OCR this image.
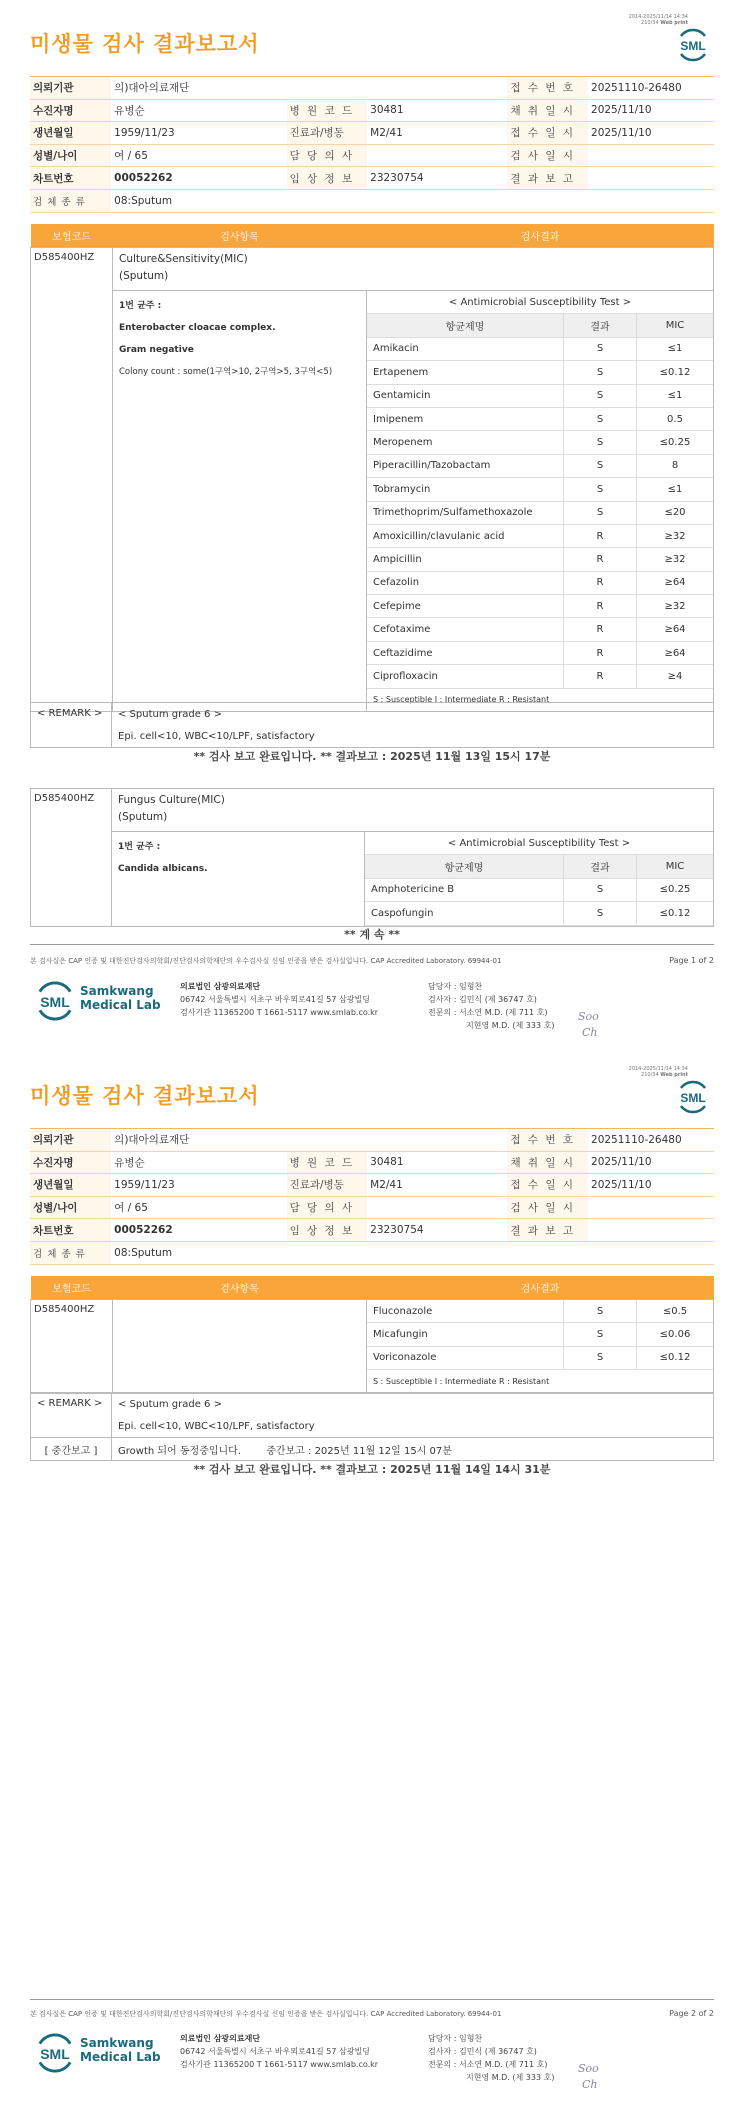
2014-2025/11/14 14:34
210/34 Web print
미생물 검사 결과보고서	SML
의뢰기관	의)대아의료재단			접 수 번 호	20251110-26480
수진자명	유병순	병 원 코 드	30481	채 취 일 시	2025/11/10
생년월일	1959/11/23	진료과/병동	M2/41	접 수 일 시	2025/11/10
성별/나이	여 / 65	담 당 의 사		검 사 일 시	
차트번호	00052262	임 상 정 보	23230754	결 과 보 고	
검 체 종 류	08:Sputum				
보험코드	검사항목	검사결과
D585400HZ	Culture&Sensitivity(MIC)
(Sputum)

1번 균주 :
Enterobacter cloacae complex.
Gram negative
Colony count : some(1구역>10, 2구역>5, 3구역<5)

< Antimicrobial Susceptibility Test >
항균제명	결과	MIC
Amikacin	S	≤1
Ertapenem	S	≤0.12
Gentamicin	S	≤1
Imipenem	S	0.5
Meropenem	S	≤0.25
Piperacillin/Tazobactam	S	8
Tobramycin	S	≤1
Trimethoprim/Sulfamethoxazole	S	≤20
Amoxicillin/clavulanic acid	R	≥32
Ampicillin	R	≥32
Cefazolin	R	≥64
Cefepime	R	≥32
Cefotaxime	R	≥64
Ceftazidime	R	≥64
Ciprofloxacin	R	≥4
S : Susceptible I : Intermediate R : Resistant
< REMARK >	< Sputum grade 6 >
Epi. cell<10, WBC<10/LPF, satisfactory
** 검사 보고 완료입니다. ** 결과보고 : 2025년 11월 13일 15시 17분
D585400HZ	Fungus Culture(MIC)
(Sputum)

1번 균주 :
Candida albicans.

< Antimicrobial Susceptibility Test >
항균제명	결과	MIC
Amphotericine B	S	≤0.25
Caspofungin	S	≤0.12
** 계 속 **
본 검사실은 CAP 인증 및 대한진단검사의학회/진단검사의학재단의 우수검사실 신임 인증을 받은 검사실입니다. CAP Accredited Laboratory. 69944-01	Page 1 of 2
SML
Samkwang
Medical Lab
의료법인 삼광의료재단
06742 서울특별시 서초구 바우뫼로41길 57 삼광빌딩
검사기관 11365200 T 1661-5117 www.smlab.co.kr
담당자 : 임형찬
검사자 : 김민식 (제 36747 호)
전문의 : 서소연 M.D. (제 711 호)
지현영 M.D. (제 333 호)
Soo
Ch
2014-2025/11/14 14:34
210/34 Web print
미생물 검사 결과보고서	SML
의뢰기관	의)대아의료재단			접 수 번 호	20251110-26480
수진자명	유병순	병 원 코 드	30481	채 취 일 시	2025/11/10
생년월일	1959/11/23	진료과/병동	M2/41	접 수 일 시	2025/11/10
성별/나이	여 / 65	담 당 의 사		검 사 일 시	
차트번호	00052262	임 상 정 보	23230754	결 과 보 고	
검 체 종 류	08:Sputum				
보험코드	검사항목	검사결과
D585400HZ			Fluconazole	S	≤0.5
Micafungin	S	≤0.06
Voriconazole	S	≤0.12
S : Susceptible I : Intermediate R : Resistant
< REMARK >	< Sputum grade 6 >
	Epi. cell<10, WBC<10/LPF, satisfactory
[ 중간보고 ]	Growth 되어 동정중입니다. 중간보고 : 2025년 11월 12일 15시 07분
** 검사 보고 완료입니다. ** 결과보고 : 2025년 11월 14일 14시 31분
본 검사실은 CAP 인증 및 대한진단검사의학회/진단검사의학재단의 우수검사실 신임 인증을 받은 검사실입니다. CAP Accredited Laboratory. 69944-01	Page 2 of 2
SML
Samkwang
Medical Lab
의료법인 삼광의료재단
06742 서울특별시 서초구 바우뫼로41길 57 삼광빌딩
검사기관 11365200 T 1661-5117 www.smlab.co.kr
담당자 : 임형찬
검사자 : 김민식 (제 36747 호)
전문의 : 서소연 M.D. (제 711 호)
지현영 M.D. (제 333 호)
Soo
Ch
